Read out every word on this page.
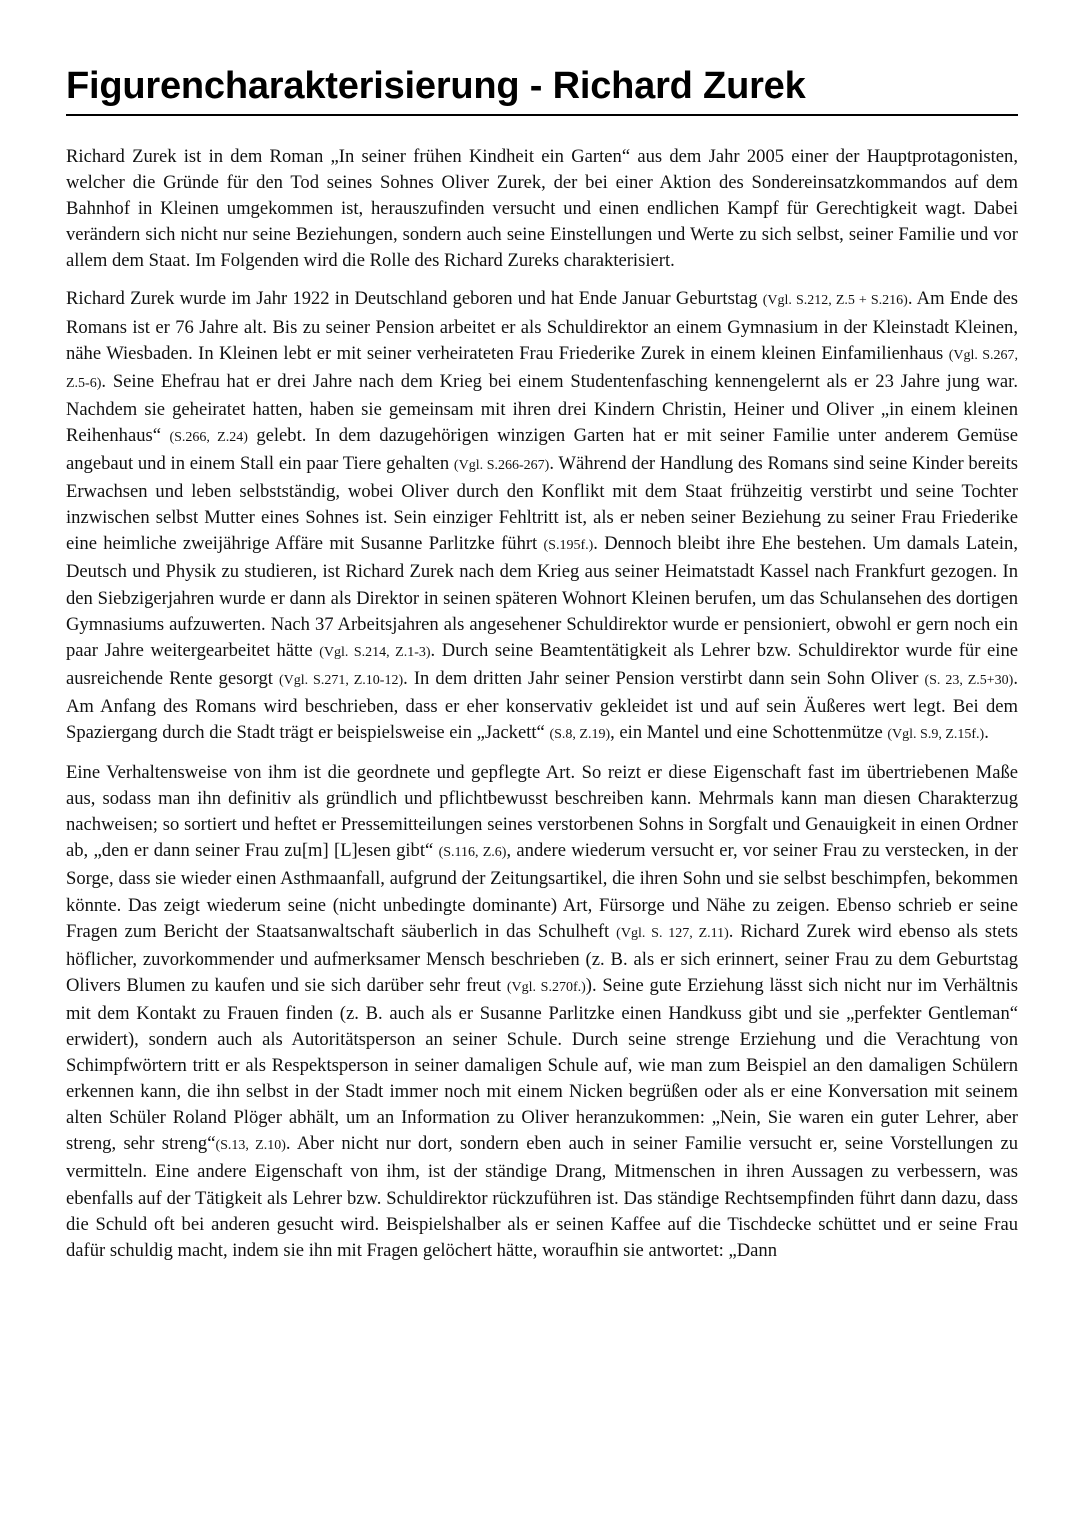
Figurencharakterisierung - Richard Zurek

Richard Zurek ist in dem Roman „In seiner frühen Kindheit ein Garten“ aus dem Jahr 2005 einer der Hauptprotagonisten, welcher die Gründe für den Tod seines Sohnes Oliver Zurek, der bei einer Aktion des Sondereinsatzkommandos auf dem Bahnhof in Kleinen umgekommen ist, herauszufinden versucht und einen endlichen Kampf für Gerechtigkeit wagt. Dabei verändern sich nicht nur seine Beziehungen, sondern auch seine Einstellungen und Werte zu sich selbst, seiner Familie und vor allem dem Staat. Im Folgenden wird die Rolle des Richard Zureks charakterisiert.

Richard Zurek wurde im Jahr 1922 in Deutschland geboren und hat Ende Januar Geburtstag (Vgl. S.212, Z.5 + S.216). Am Ende des Romans ist er 76 Jahre alt. Bis zu seiner Pension arbeitet er als Schuldirektor an einem Gymnasium in der Kleinstadt Kleinen, nähe Wiesbaden. In Kleinen lebt er mit seiner verheirateten Frau Friederike Zurek in einem kleinen Einfamilienhaus (Vgl. S.267, Z.5-6). Seine Ehefrau hat er drei Jahre nach dem Krieg bei einem Studentenfasching kennengelernt als er 23 Jahre jung war. Nachdem sie geheiratet hatten, haben sie gemeinsam mit ihren drei Kindern Christin, Heiner und Oliver „in einem kleinen Reihenhaus“ (S.266, Z.24) gelebt. In dem dazugehörigen winzigen Garten hat er mit seiner Familie unter anderem Gemüse angebaut und in einem Stall ein paar Tiere gehalten (Vgl. S.266-267). Während der Handlung des Romans sind seine Kinder bereits Erwachsen und leben selbstständig, wobei Oliver durch den Konflikt mit dem Staat frühzeitig verstirbt und seine Tochter inzwischen selbst Mutter eines Sohnes ist. Sein einziger Fehltritt ist, als er neben seiner Beziehung zu seiner Frau Friederike eine heimliche zweijährige Affäre mit Susanne Parlitzke führt (S.195f.). Dennoch bleibt ihre Ehe bestehen. Um damals Latein, Deutsch und Physik zu studieren, ist Richard Zurek nach dem Krieg aus seiner Heimatstadt Kassel nach Frankfurt gezogen. In den Siebzigerjahren wurde er dann als Direktor in seinen späteren Wohnort Kleinen berufen, um das Schulansehen des dortigen Gymnasiums aufzuwerten. Nach 37 Arbeitsjahren als angesehener Schuldirektor wurde er pensioniert, obwohl er gern noch ein paar Jahre weitergearbeitet hätte (Vgl. S.214, Z.1-3). Durch seine Beamtentätigkeit als Lehrer bzw. Schuldirektor wurde für eine ausreichende Rente gesorgt (Vgl. S.271, Z.10-12). In dem dritten Jahr seiner Pension verstirbt dann sein Sohn Oliver (S. 23, Z.5+30). Am Anfang des Romans wird beschrieben, dass er eher konservativ gekleidet ist und auf sein Äußeres wert legt. Bei dem Spaziergang durch die Stadt trägt er beispielsweise ein „Jackett“ (S.8, Z.19), ein Mantel und eine Schottenmütze (Vgl. S.9, Z.15f.).

Eine Verhaltensweise von ihm ist die geordnete und gepflegte Art. So reizt er diese Eigenschaft fast im übertriebenen Maße aus, sodass man ihn definitiv als gründlich und pflichtbewusst beschreiben kann. Mehrmals kann man diesen Charakterzug nachweisen; so sortiert und heftet er Pressemitteilungen seines verstorbenen Sohns in Sorgfalt und Genauigkeit in einen Ordner ab, „den er dann seiner Frau zu[m] [L]esen gibt“ (S.116, Z.6), andere wiederum versucht er, vor seiner Frau zu verstecken, in der Sorge, dass sie wieder einen Asthmaanfall, aufgrund der Zeitungsartikel, die ihren Sohn und sie selbst beschimpfen, bekommen könnte. Das zeigt wiederum seine (nicht unbedingte dominante) Art, Fürsorge und Nähe zu zeigen. Ebenso schrieb er seine Fragen zum Bericht der Staatsanwaltschaft säuberlich in das Schulheft (Vgl. S. 127, Z.11). Richard Zurek wird ebenso als stets höflicher, zuvorkommender und aufmerksamer Mensch beschrieben (z. B. als er sich erinnert, seiner Frau zu dem Geburtstag Olivers Blumen zu kaufen und sie sich darüber sehr freut (Vgl. S.270f.)). Seine gute Erziehung lässt sich nicht nur im Verhältnis mit dem Kontakt zu Frauen finden (z. B. auch als er Susanne Parlitzke einen Handkuss gibt und sie „perfekter Gentleman“ erwidert), sondern auch als Autoritätsperson an seiner Schule. Durch seine strenge Erziehung und die Verachtung von Schimpfwörtern tritt er als Respektsperson in seiner damaligen Schule auf, wie man zum Beispiel an den damaligen Schülern erkennen kann, die ihn selbst in der Stadt immer noch mit einem Nicken begrüßen oder als er eine Konversation mit seinem alten Schüler Roland Plöger abhält, um an Information zu Oliver heranzukommen: „Nein, Sie waren ein guter Lehrer, aber streng, sehr streng“(S.13, Z.10). Aber nicht nur dort, sondern eben auch in seiner Familie versucht er, seine Vorstellungen zu vermitteln. Eine andere Eigenschaft von ihm, ist der ständige Drang, Mitmenschen in ihren Aussagen zu verbessern, was ebenfalls auf der Tätigkeit als Lehrer bzw. Schuldirektor rückzuführen ist. Das ständige Rechtsempfinden führt dann dazu, dass die Schuld oft bei anderen gesucht wird. Beispielshalber als er seinen Kaffee auf die Tischdecke schüttet und er seine Frau dafür schuldig macht, indem sie ihn mit Fragen gelöchert hätte, woraufhin sie antwortet: „Dann
